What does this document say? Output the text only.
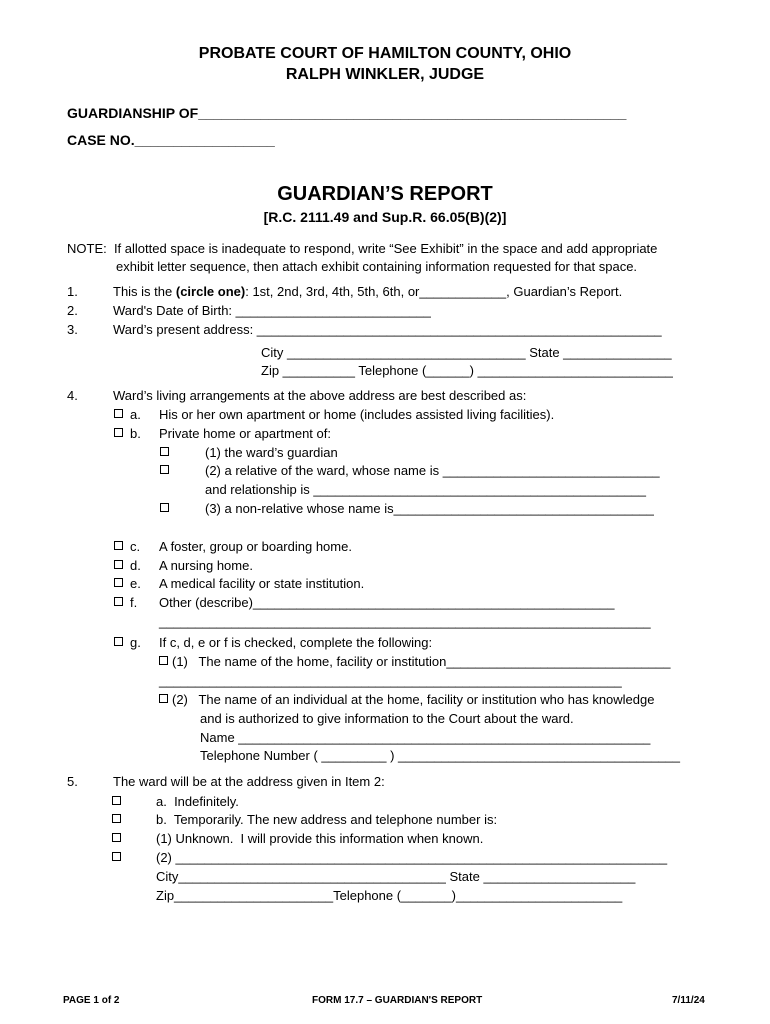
PROBATE COURT OF HAMILTON COUNTY, OHIO
RALPH WINKLER, JUDGE
GUARDIANSHIP OF_______________________________________________________
CASE NO.__________________
GUARDIAN’S REPORT
[R.C. 2111.49 and Sup.R. 66.05(B)(2)]
NOTE:  If allotted space is inadequate to respond, write “See Exhibit” in the space and add appropriate
exhibit letter sequence, then attach exhibit containing information requested for that space.
1.	This is the (circle one): 1st, 2nd, 3rd, 4th, 5th, 6th, or____________, Guardian’s Report.
2.	Ward's Date of Birth: ___________________________
3.	Ward’s present address: ________________________________________________________
City _________________________________ State _______________
Zip __________ Telephone (______) ___________________________
4.	Ward’s living arrangements at the above address are best described as:
a. His or her own apartment or home (includes assisted living facilities).
b. Private home or apartment of:
(1) the ward’s guardian
(2) a relative of the ward, whose name is ______________________________
and relationship is ______________________________________________
(3) a non-relative whose name is____________________________________
c. A foster, group or boarding home.
d. A nursing home.
e. A medical facility or state institution.
f. Other (describe)__________________________________________________
____________________________________________________________________
g. If c, d, e or f is checked, complete the following:
(1)   The name of the home, facility or institution_______________________________
________________________________________________________________
(2)   The name of an individual at the home, facility or institution who has knowledge
and is authorized to give information to the Court about the ward.
Name _________________________________________________________
Telephone Number ( _________ ) _______________________________________
5.	The ward will be at the address given in Item 2:
a.  Indefinitely.
b.  Temporarily. The new address and telephone number is:
(1) Unknown.  I will provide this information when known.
(2) ____________________________________________________________________
City_____________________________________ State _____________________
Zip______________________Telephone (_______)_______________________
PAGE 1 of 2	FORM 17.7 – GUARDIAN'S REPORT	7/11/24
